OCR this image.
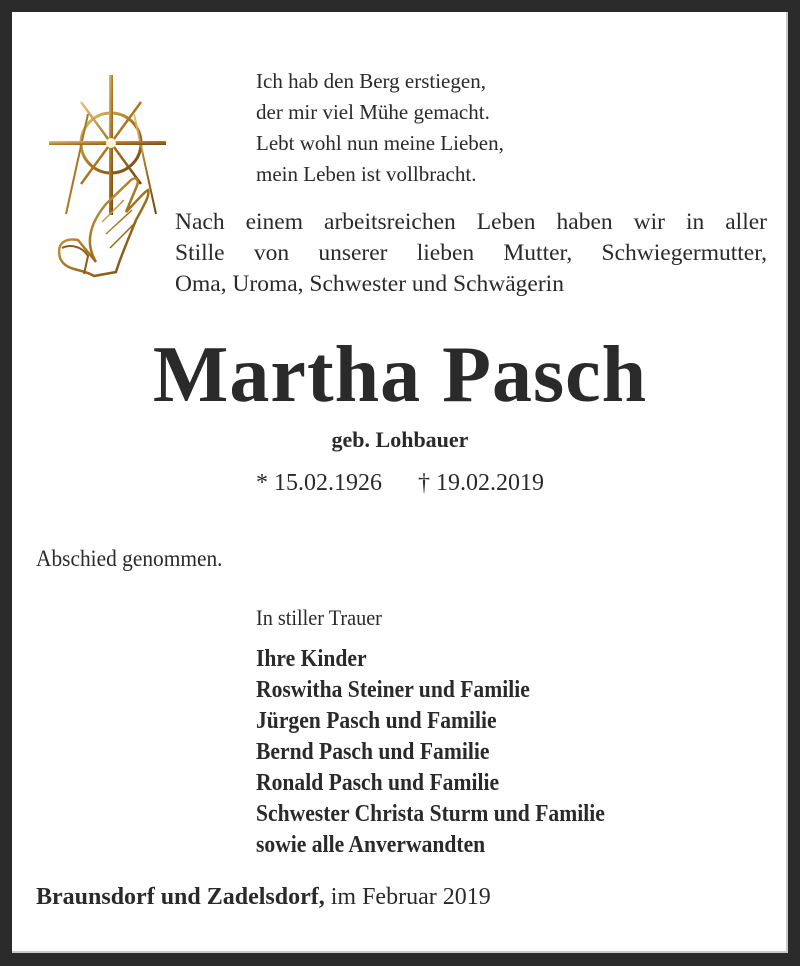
Ich hab den Berg erstiegen,
der mir viel Mühe gemacht.
Lebt wohl nun meine Lieben,
mein Leben ist vollbracht.
Nach einem arbeitsreichen Leben haben wir in aller
Stille von unserer lieben Mutter, Schwiegermutter,
Oma, Uroma, Schwester und Schwägerin
Martha Pasch
geb. Lohbauer
* 15.02.1926 † 19.02.2019
Abschied genommen.
In stiller Trauer
Ihre Kinder
Roswitha Steiner und Familie
Jürgen Pasch und Familie
Bernd Pasch und Familie
Ronald Pasch und Familie
Schwester Christa Sturm und Familie
sowie alle Anverwandten
Braunsdorf und Zadelsdorf, im Februar 2019
